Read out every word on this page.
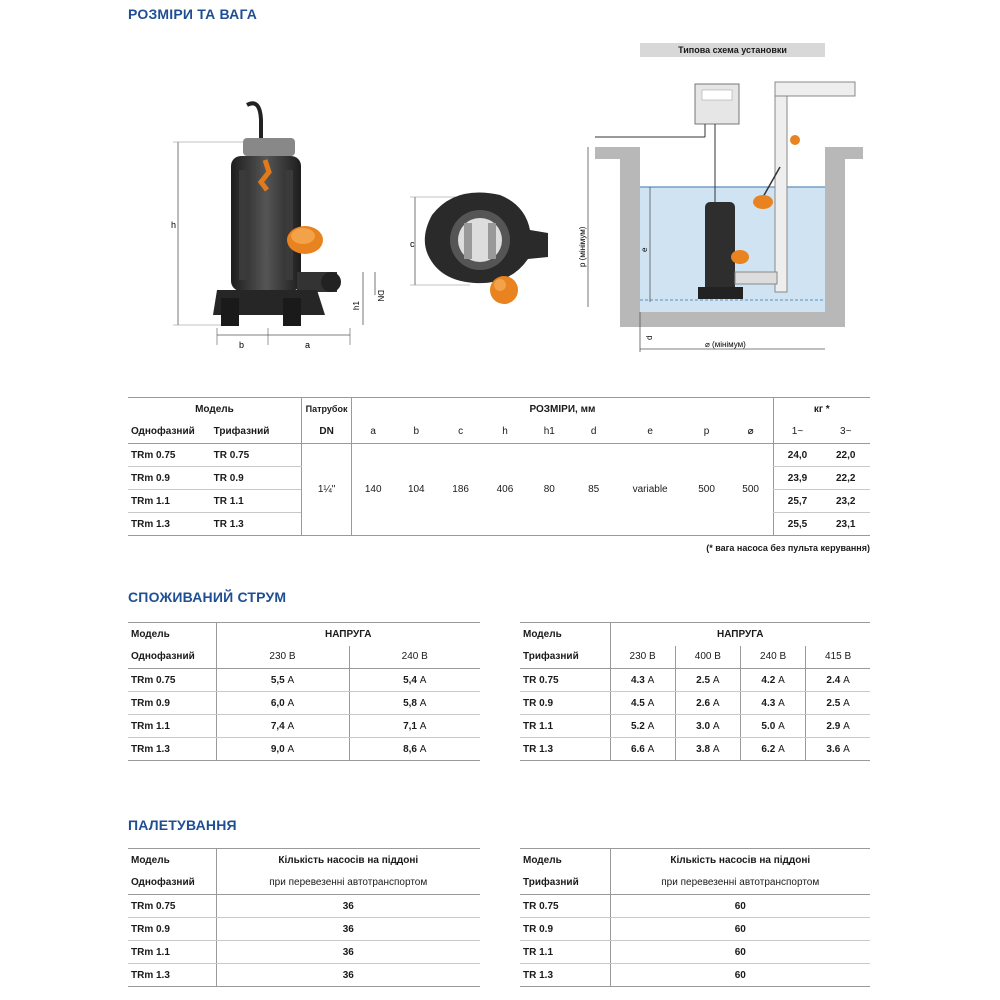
РОЗМІРИ ТА ВАГА
h
b	a
DN
h1
c
Типова схема установки
p (мінімум)	e
d
⌀ (мінімум)
Модель		Патрубок	РОЗМІРИ, мм									кг *	
Однофазний	Трифазний	DN	a	b	c	h	h1	d	e	p	⌀	1~	3~
TRm 0.75	TR 0.75	1¼"	140	104	186	406	80	85	variable	500	500	24,0	22,0
TRm 0.9	TR 0.9											23,9	22,2
TRm 1.1	TR 1.1											25,7	23,2
TRm 1.3	TR 1.3											25,5	23,1
(* вага насоса без пульта керування)
СПОЖИВАНИЙ СТРУМ
Модель	НАПРУГА	
Однофазний	230 В	240 В
TRm 0.75	5,5 A	5,4 A
TRm 0.9	6,0 A	5,8 A
TRm 1.1	7,4 A	7,1 A
TRm 1.3	9,0 A	8,6 A
Модель	НАПРУГА			
Трифазний	230 В	400 В	240 В	415 В
TR 0.75	4.3 A	2.5 A	4.2 A	2.4 A
TR 0.9	4.5 A	2.6 A	4.3 A	2.5 A
TR 1.1	5.2 A	3.0 A	5.0 A	2.9 A
TR 1.3	6.6 A	3.8 A	6.2 A	3.6 A
ПАЛЕТУВАННЯ
Модель	Кількість насосів на піддоні
Однофазний	при перевезенні автотранспортом
TRm 0.75	36
TRm 0.9	36
TRm 1.1	36
TRm 1.3	36
Модель	Кількість насосів на піддоні
Трифазний	при перевезенні автотранспортом
TR 0.75	60
TR 0.9	60
TR 1.1	60
TR 1.3	60
